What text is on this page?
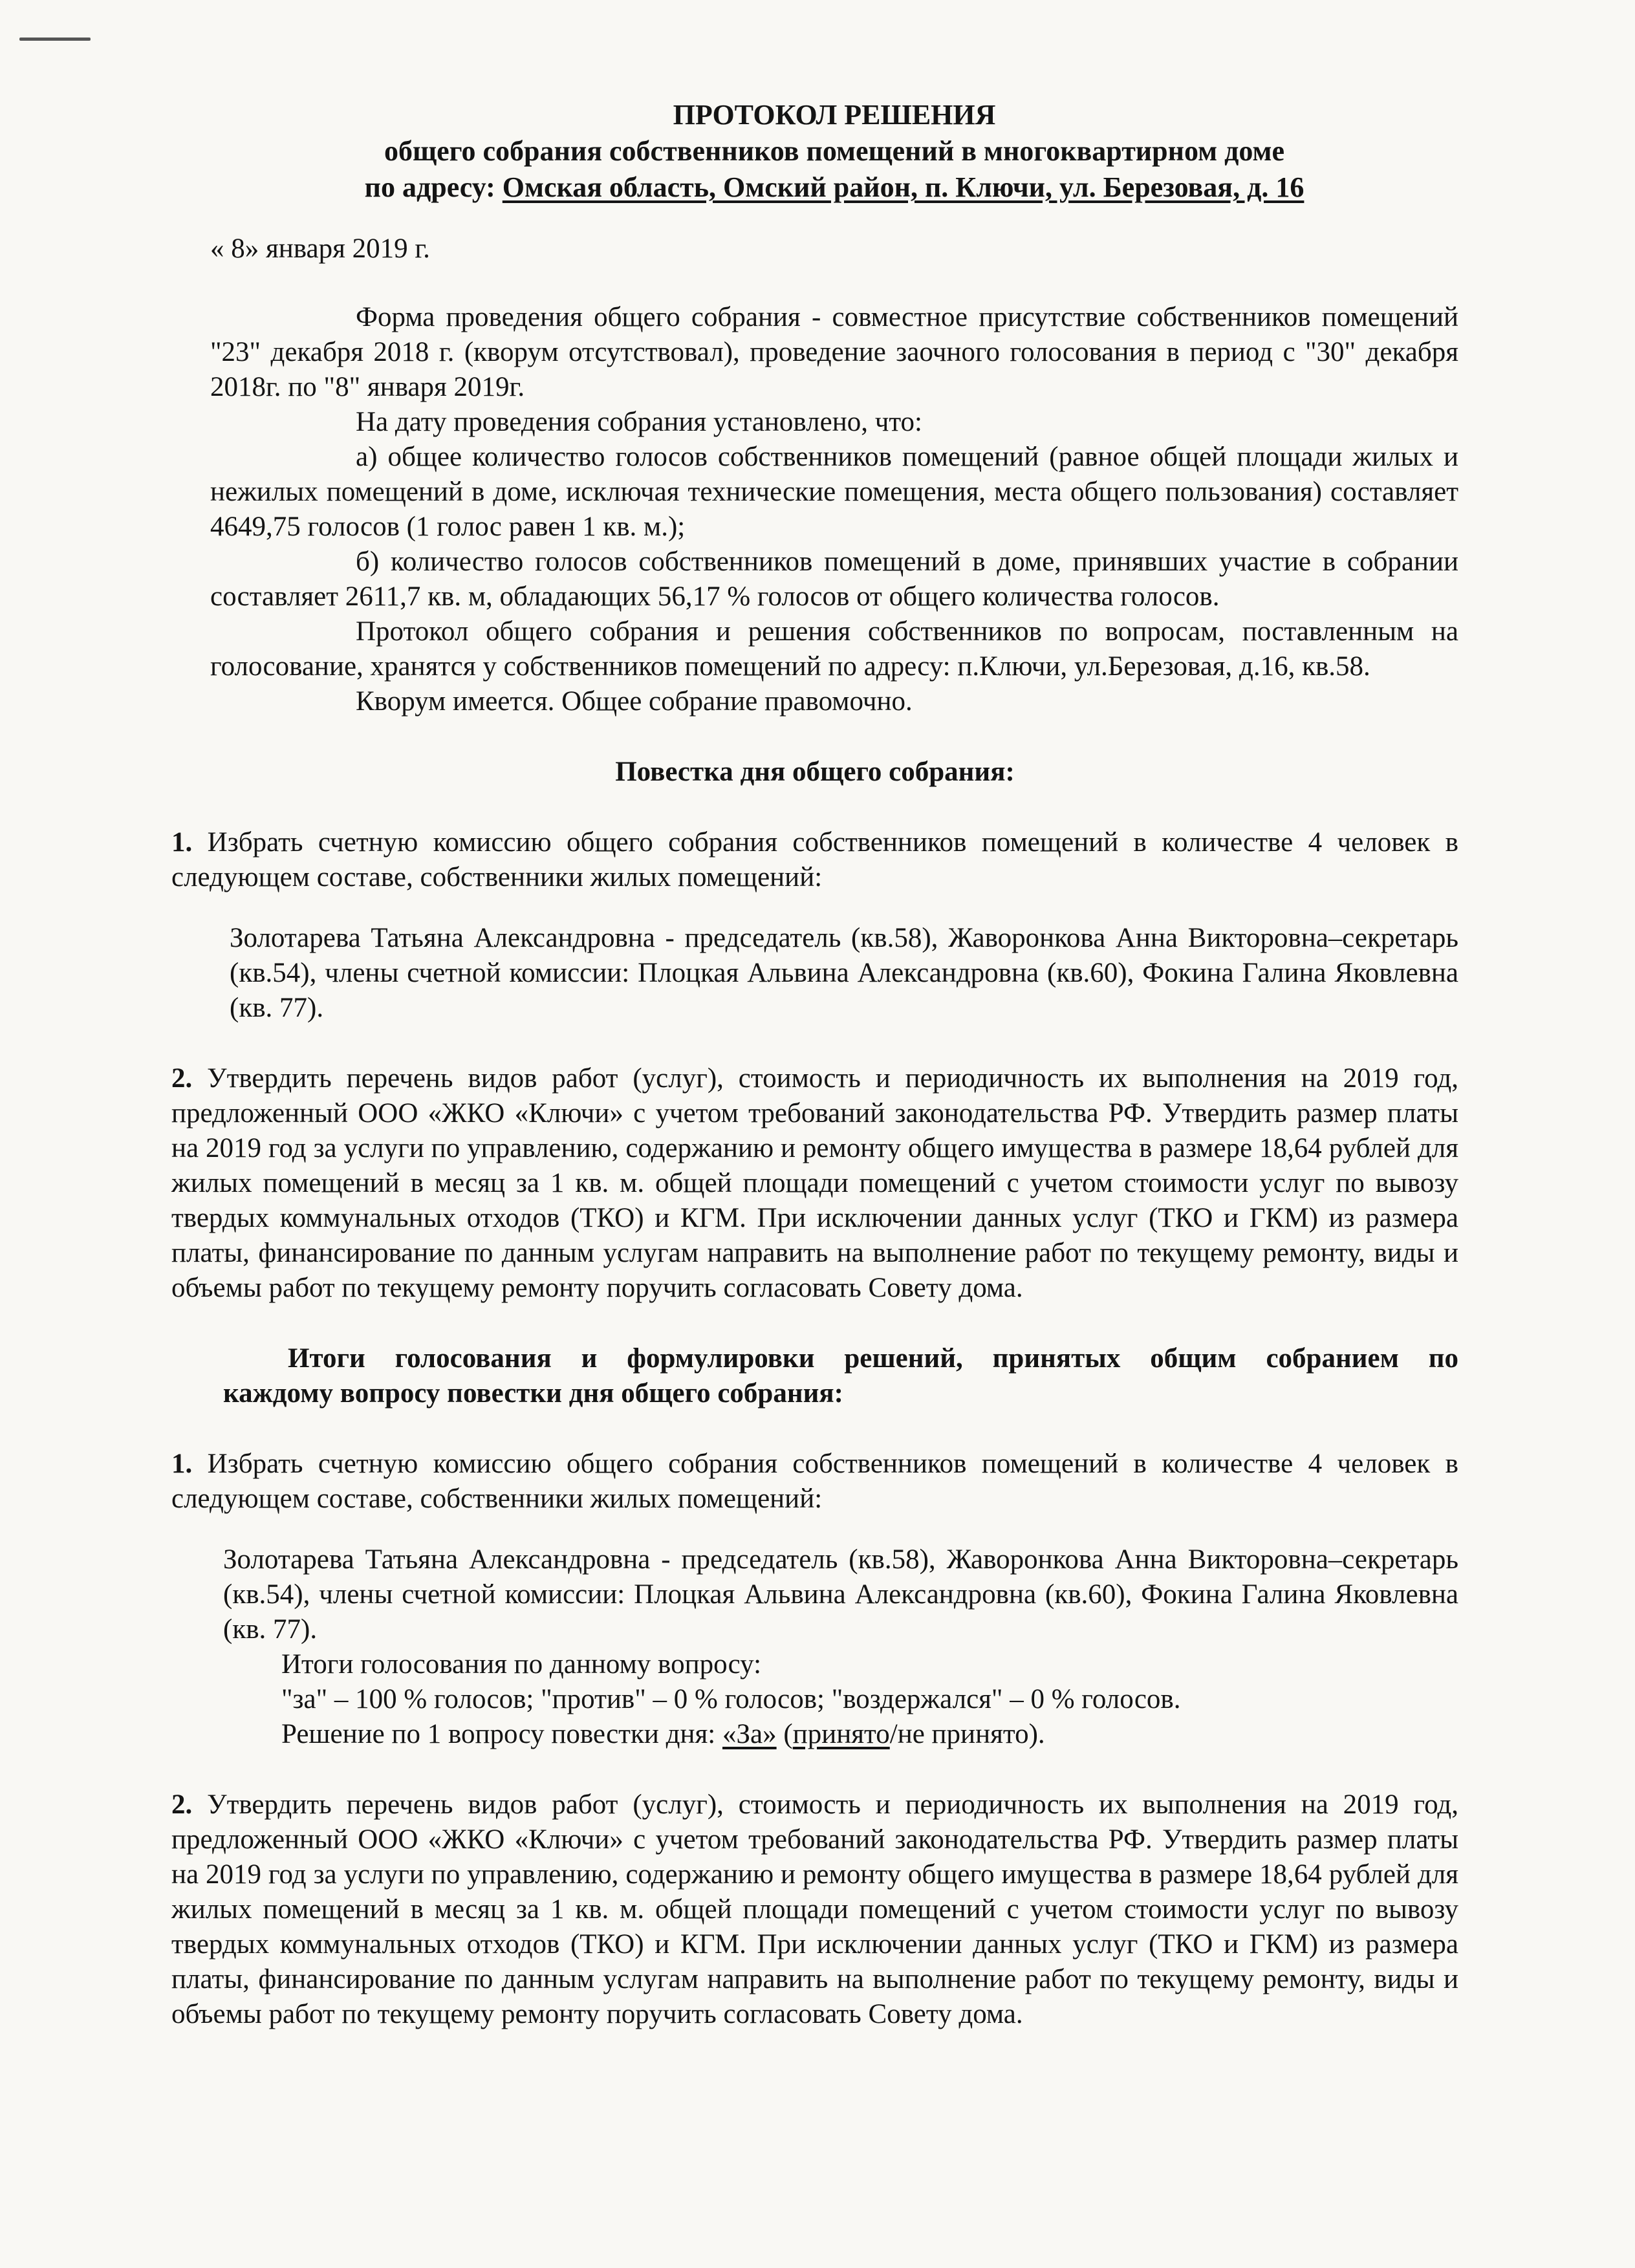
ПРОТОКОЛ РЕШЕНИЯ
общего собрания собственников помещений в многоквартирном доме
по адресу: Омская область, Омский район, п. Ключи, ул. Березовая, д. 16

« 8» января 2019 г.

Форма проведения общего собрания - совместное присутствие собственников помещений "23" декабря 2018 г. (кворум отсутствовал), проведение заочного голосования в период с "30" декабря 2018г. по "8" января 2019г.

На дату проведения собрания установлено, что:

а) общее количество голосов собственников помещений (равное общей площади жилых и нежилых помещений в доме, исключая технические помещения, места общего пользования) составляет 4649,75 голосов (1 голос равен 1 кв. м.);

б) количество голосов собственников помещений в доме, принявших участие в собрании составляет 2611,7 кв. м, обладающих 56,17 % голосов от общего количества голосов.

Протокол общего собрания и решения собственников по вопросам, поставленным на голосование, хранятся у собственников помещений по адресу: п.Ключи, ул.Березовая, д.16, кв.58.

Кворум имеется. Общее собрание правомочно.

Повестка дня общего собрания:

1. Избрать счетную комиссию общего собрания собственников помещений в количестве 4 человек в следующем составе, собственники жилых помещений:

Золотарева Татьяна Александровна - председатель (кв.58), Жаворонкова Анна Викторовна–секретарь (кв.54), члены счетной комиссии: Плоцкая Альвина Александровна (кв.60), Фокина Галина Яковлевна (кв. 77).

2. Утвердить перечень видов работ (услуг), стоимость и периодичность их выполнения на 2019 год, предложенный ООО «ЖКО «Ключи» с учетом требований законодательства РФ. Утвердить размер платы на 2019 год за услуги по управлению, содержанию и ремонту общего имущества в размере 18,64 рублей для жилых помещений в месяц за 1 кв. м. общей площади помещений с учетом стоимости услуг по вывозу твердых коммунальных отходов (ТКО) и КГМ. При исключении данных услуг (ТКО и ГКМ) из размера платы, финансирование по данным услугам направить на выполнение работ по текущему ремонту, виды и объемы работ по текущему ремонту поручить согласовать Совету дома.

Итоги голосования и формулировки решений, принятых общим собранием по
каждому вопросу повестки дня общего собрания:

1. Избрать счетную комиссию общего собрания собственников помещений в количестве 4 человек в следующем составе, собственники жилых помещений:

Золотарева Татьяна Александровна - председатель (кв.58), Жаворонкова Анна Викторовна–секретарь (кв.54), члены счетной комиссии: Плоцкая Альвина Александровна (кв.60), Фокина Галина Яковлевна (кв. 77).

Итоги голосования по данному вопросу:

"за" – 100 % голосов; "против" – 0 % голосов; "воздержался" – 0 % голосов.

Решение по 1 вопросу повестки дня: «За» (принято/не принято).

2. Утвердить перечень видов работ (услуг), стоимость и периодичность их выполнения на 2019 год, предложенный ООО «ЖКО «Ключи» с учетом требований законодательства РФ. Утвердить размер платы на 2019 год за услуги по управлению, содержанию и ремонту общего имущества в размере 18,64 рублей для жилых помещений в месяц за 1 кв. м. общей площади помещений с учетом стоимости услуг по вывозу твердых коммунальных отходов (ТКО) и КГМ. При исключении данных услуг (ТКО и ГКМ) из размера платы, финансирование по данным услугам направить на выполнение работ по текущему ремонту, виды и объемы работ по текущему ремонту поручить согласовать Совету дома.
